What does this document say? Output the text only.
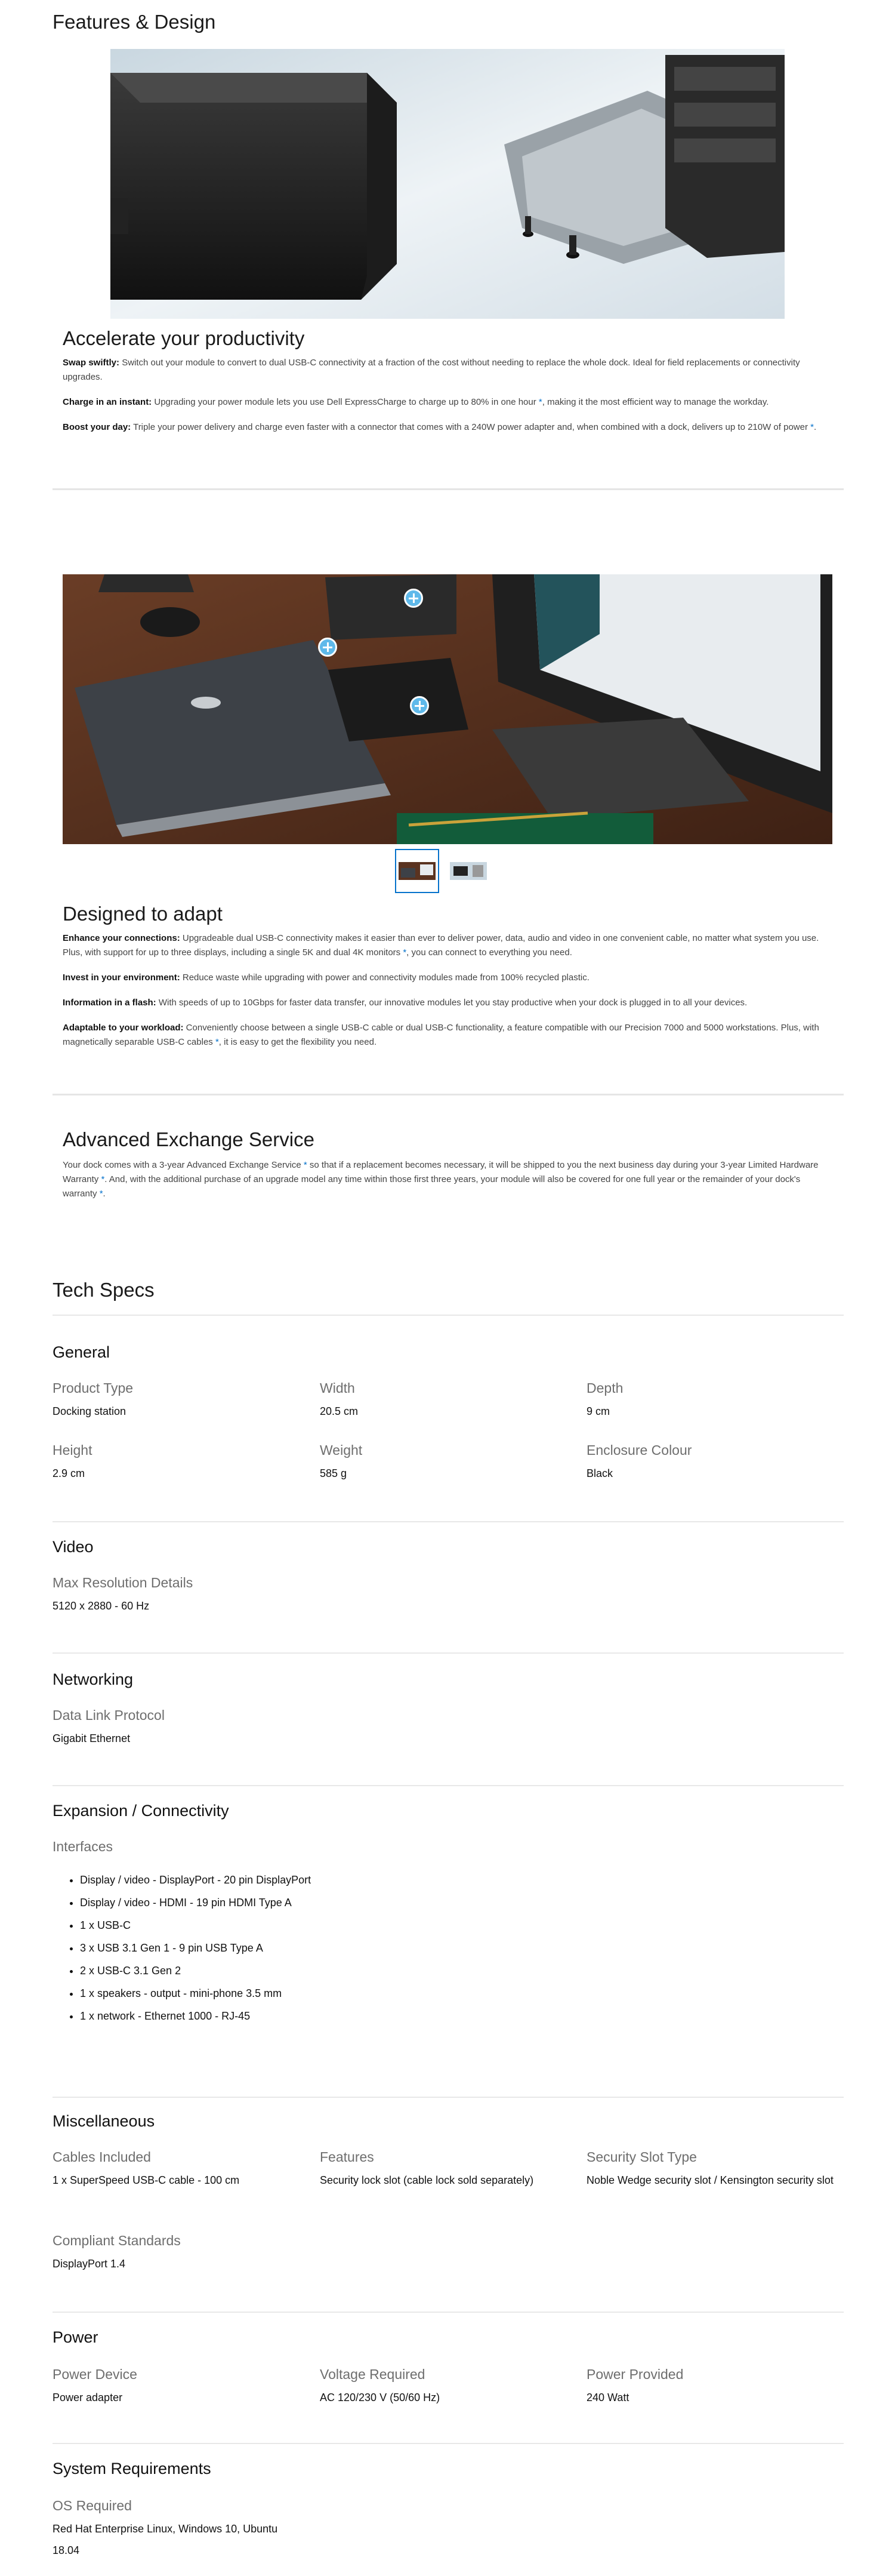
Features & Design
Accelerate your productivity

Swap swiftly: Switch out your module to convert to dual USB-C connectivity at a fraction of the cost without needing to replace the whole dock. Ideal for field replacements or connectivity upgrades.

Charge in an instant: Upgrading your power module lets you use Dell ExpressCharge to charge up to 80% in one hour *, making it the most efficient way to manage the workday.

Boost your day: Triple your power delivery and charge even faster with a connector that comes with a 240W power adapter and, when combined with a dock, delivers up to 210W of power *.

Designed to adapt

Enhance your connections: Upgradeable dual USB-C connectivity makes it easier than ever to deliver power, data, audio and video in one convenient cable, no matter what system you use. Plus, with support for up to three displays, including a single 5K and dual 4K monitors *, you can connect to everything you need.

Invest in your environment: Reduce waste while upgrading with power and connectivity modules made from 100% recycled plastic.

Information in a flash: With speeds of up to 10Gbps for faster data transfer, our innovative modules let you stay productive when your dock is plugged in to all your devices.

Adaptable to your workload: Conveniently choose between a single USB-C cable or dual USB-C functionality, a feature compatible with our Precision 7000 and 5000 workstations. Plus, with magnetically separable USB-C cables *, it is easy to get the flexibility you need.

Advanced Exchange Service

Your dock comes with a 3-year Advanced Exchange Service * so that if a replacement becomes necessary, it will be shipped to you the next business day during your 3-year Limited Hardware Warranty *. And, with the additional purchase of an upgrade model any time within those first three years, your module will also be covered for one full year or the remainder of your dock's warranty *.

Tech Specs
General
Product Type
Docking station
Width
20.5 cm
Depth
9 cm
Height
2.9 cm
Weight
585 g
Enclosure Colour
Black
Video
Max Resolution Details
5120 x 2880 - 60 Hz
Networking
Data Link Protocol
Gigabit Ethernet
Expansion / Connectivity
Interfaces
• Display / video - DisplayPort - 20 pin DisplayPort
• Display / video - HDMI - 19 pin HDMI Type A
• 1 x USB-C
• 3 x USB 3.1 Gen 1 - 9 pin USB Type A
• 2 x USB-C 3.1 Gen 2
• 1 x speakers - output - mini-phone 3.5 mm
• 1 x network - Ethernet 1000 - RJ-45
Miscellaneous
Cables Included
1 x SuperSpeed USB-C cable - 100 cm
Features
Security lock slot (cable lock sold separately)
Security Slot Type
Noble Wedge security slot / Kensington security slot
Compliant Standards
DisplayPort 1.4
Power
Power Device
Power adapter
Voltage Required
AC 120/230 V (50/60 Hz)
Power Provided
240 Watt
System Requirements
OS Required
Red Hat Enterprise Linux, Windows 10, Ubuntu 18.04
